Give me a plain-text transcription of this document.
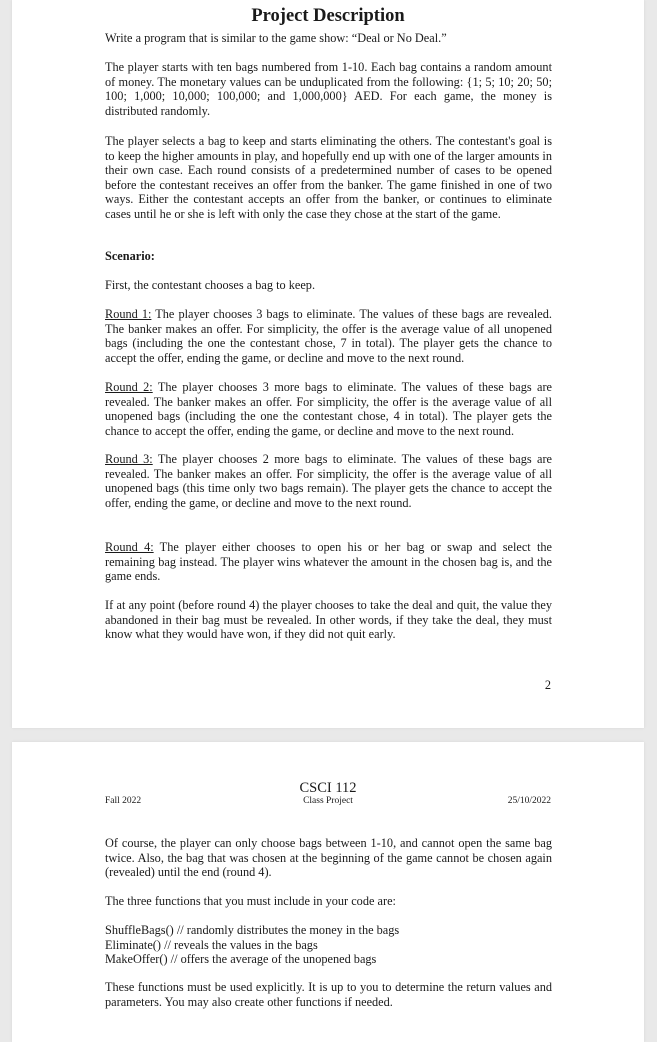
Project Description

Write a program that is similar to the game show: “Deal or No Deal.”

The player starts with ten bags numbered from 1-10. Each bag contains a random amount of money. The monetary values can be unduplicated from the following: {1; 5; 10; 20; 50; 100; 1,000; 10,000; 100,000; and 1,000,000} AED. For each game, the money is distributed randomly.

The player selects a bag to keep and starts eliminating the others. The contestant's goal is to keep the higher amounts in play, and hopefully end up with one of the larger amounts in their own case. Each round consists of a predetermined number of cases to be opened before the contestant receives an offer from the banker. The game finished in one of two ways. Either the contestant accepts an offer from the banker, or continues to eliminate cases until he or she is left with only the case they chose at the start of the game.

Scenario:

First, the contestant chooses a bag to keep.

Round 1: The player chooses 3 bags to eliminate. The values of these bags are revealed. The banker makes an offer. For simplicity, the offer is the average value of all unopened bags (including the one the contestant chose, 7 in total). The player gets the chance to accept the offer, ending the game, or decline and move to the next round.

Round 2: The player chooses 3 more bags to eliminate. The values of these bags are revealed. The banker makes an offer. For simplicity, the offer is the average value of all unopened bags (including the one the contestant chose, 4 in total). The player gets the chance to accept the offer, ending the game, or decline and move to the next round.

Round 3: The player chooses 2 more bags to eliminate. The values of these bags are revealed. The banker makes an offer. For simplicity, the offer is the average value of all unopened bags (this time only two bags remain). The player gets the chance to accept the offer, ending the game, or decline and move to the next round.

Round 4: The player either chooses to open his or her bag or swap and select the remaining bag instead. The player wins whatever the amount in the chosen bag is, and the game ends.

If at any point (before round 4) the player chooses to take the deal and quit, the value they abandoned in their bag must be revealed. In other words, if they take the deal, they must know what they would have won, if they did not quit early.

2

Fall 2022

CSCI 112

Class Project	25/10/2022

Of course, the player can only choose bags between 1-10, and cannot open the same bag twice. Also, the bag that was chosen at the beginning of the game cannot be chosen again (revealed) until the end (round 4).

The three functions that you must include in your code are:

ShuffleBags() // randomly distributes the money in the bags
Eliminate() // reveals the values in the bags
MakeOffer() // offers the average of the unopened bags

These functions must be used explicitly. It is up to you to determine the return values and parameters. You may also create other functions if needed.
